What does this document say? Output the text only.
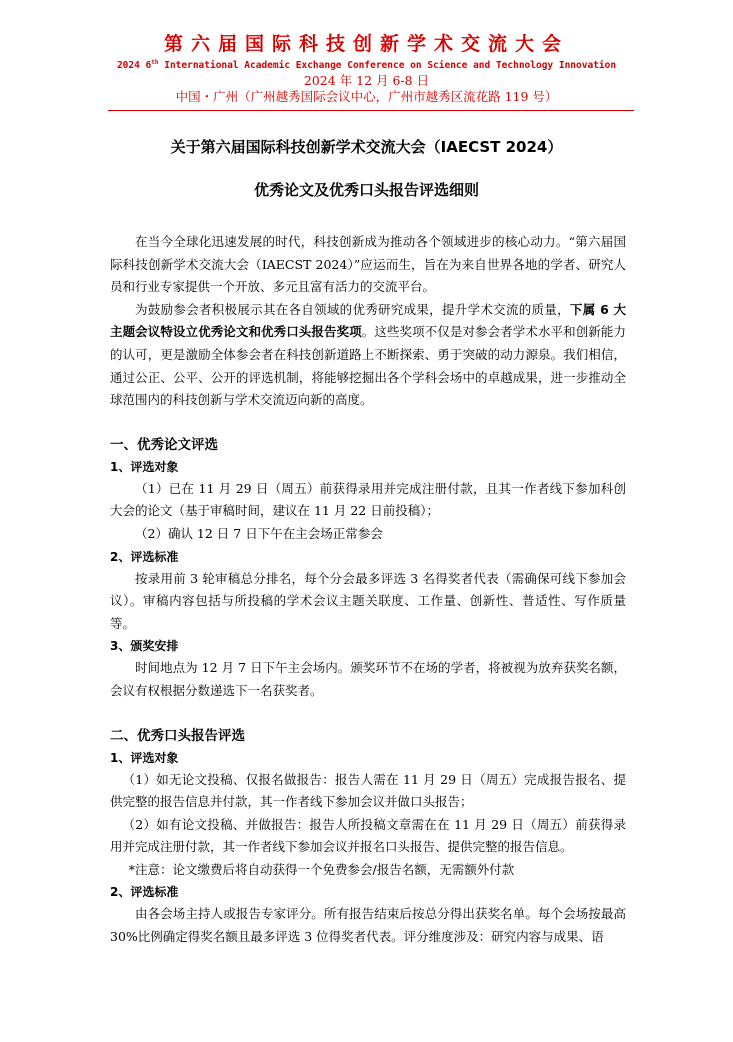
第六届国际科技创新学术交流大会
2024 6th International Academic Exchange Conference on Science and Technology Innovation
2024 年 12 月 6-8 日
中国・广州（广州越秀国际会议中心，广州市越秀区流花路 119 号）
关于第六届国际科技创新学术交流大会（IAECST 2024）
优秀论文及优秀口头报告评选细则

在当今全球化迅速发展的时代，科技创新成为推动各个领域进步的核心动力。“第六届国际科技创新学术交流大会（IAECST 2024）”应运而生，旨在为来自世界各地的学者、研究人员和行业专家提供一个开放、多元且富有活力的交流平台。

为鼓励参会者积极展示其在各自领域的优秀研究成果，提升学术交流的质量，下属 6 大主题会议特设立优秀论文和优秀口头报告奖项。这些奖项不仅是对参会者学术水平和创新能力的认可，更是激励全体参会者在科技创新道路上不断探索、勇于突破的动力源泉。我们相信，通过公正、公平、公开的评选机制，将能够挖掘出各个学科会场中的卓越成果，进一步推动全球范围内的科技创新与学术交流迈向新的高度。

一、优秀论文评选
1、评选对象

（1）已在 11 月 29 日（周五）前获得录用并完成注册付款，且其一作者线下参加科创大会的论文（基于审稿时间，建议在 11 月 22 日前投稿）；

（2）确认 12 日 7 日下午在主会场正常参会

2、评选标准

按录用前 3 轮审稿总分排名，每个分会最多评选 3 名得奖者代表（需确保可线下参加会议）。审稿内容包括与所投稿的学术会议主题关联度、工作量、创新性、普适性、写作质量等。

3、颁奖安排

时间地点为 12 月 7 日下午主会场内。颁奖环节不在场的学者，将被视为放弃获奖名额，会议有权根据分数递选下一名获奖者。

二、优秀口头报告评选
1、评选对象

（1）如无论文投稿、仅报名做报告：报告人需在 11 月 29 日（周五）完成报告报名、提供完整的报告信息并付款，其一作者线下参加会议并做口头报告；

（2）如有论文投稿、并做报告：报告人所投稿文章需在在 11 月 29 日（周五）前获得录用并完成注册付款，其一作者线下参加会议并报名口头报告、提供完整的报告信息。

*注意：论文缴费后将自动获得一个免费参会/报告名额，无需额外付款

2、评选标准

由各会场主持人或报告专家评分。所有报告结束后按总分得出获奖名单。每个会场按最高 30%比例确定得奖名额且最多评选 3 位得奖者代表。评分维度涉及：研究内容与成果、语
